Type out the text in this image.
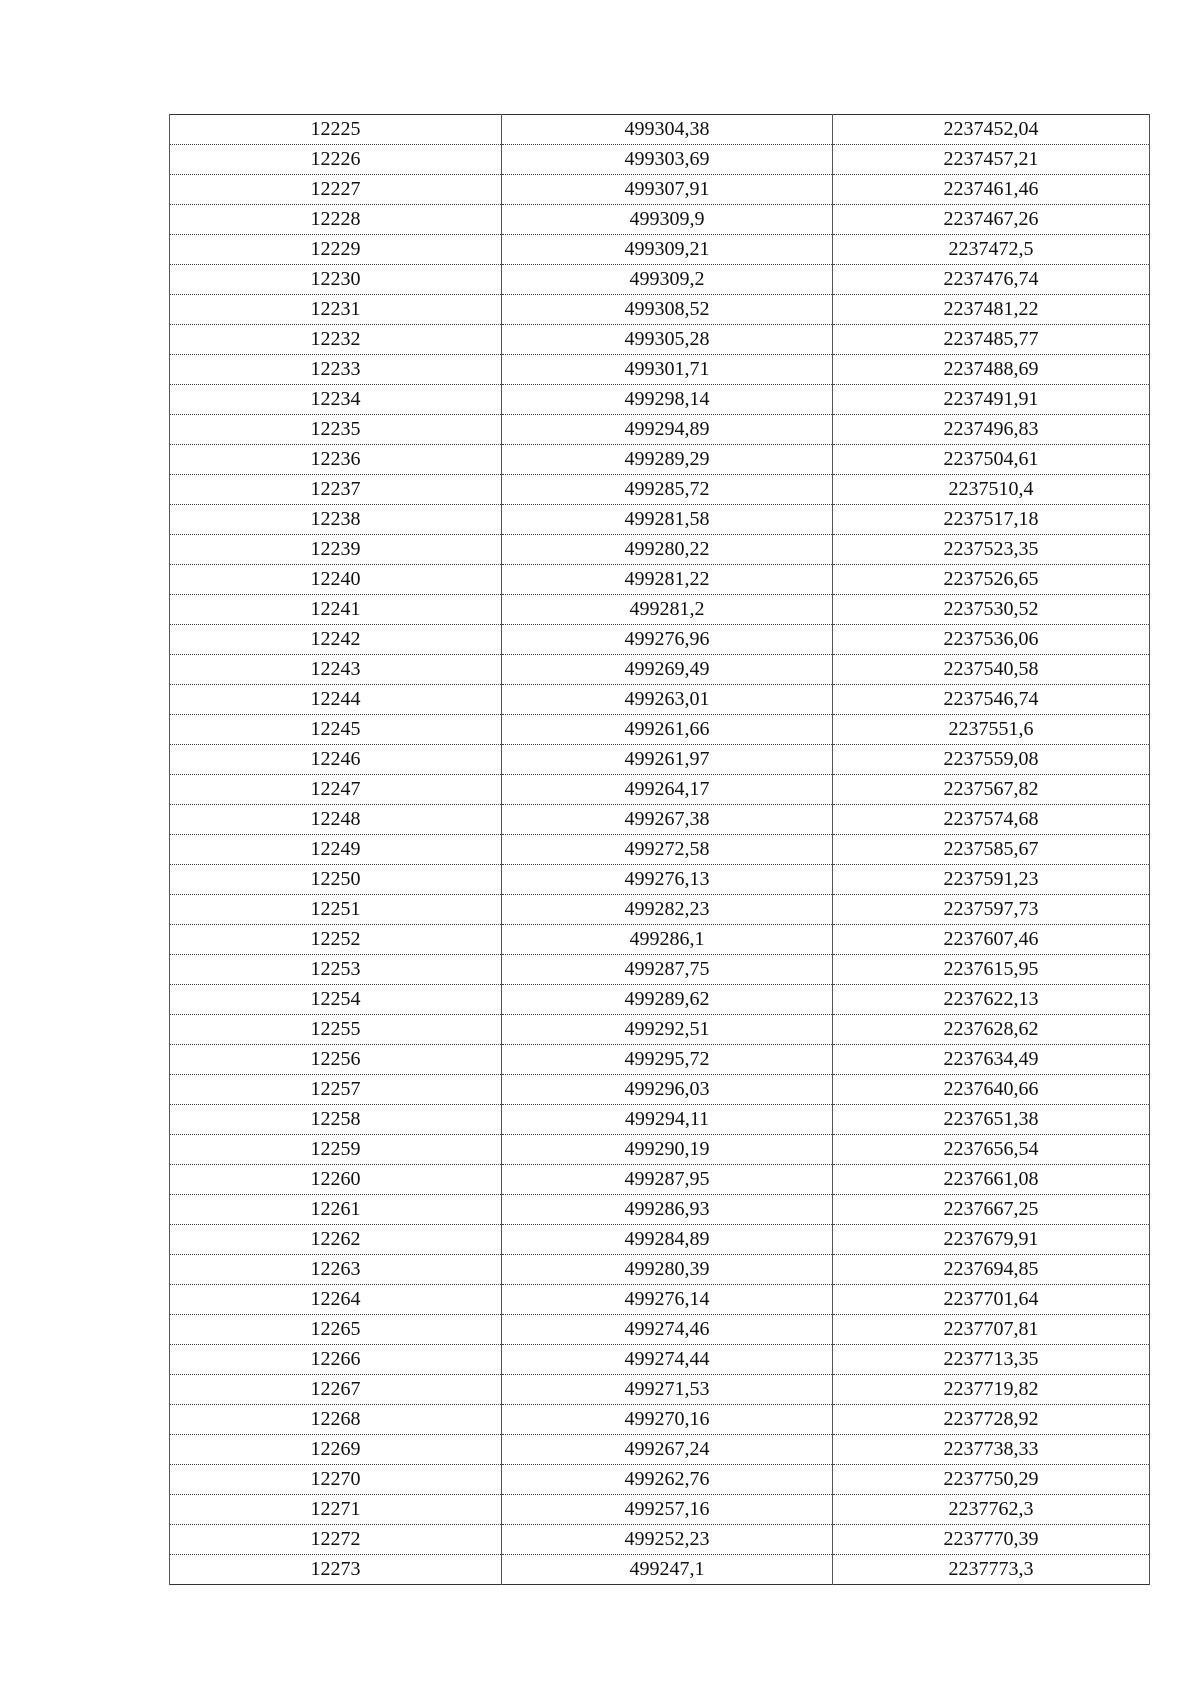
12225	499304,38	2237452,04
12226	499303,69	2237457,21
12227	499307,91	2237461,46
12228	499309,9	2237467,26
12229	499309,21	2237472,5
12230	499309,2	2237476,74
12231	499308,52	2237481,22
12232	499305,28	2237485,77
12233	499301,71	2237488,69
12234	499298,14	2237491,91
12235	499294,89	2237496,83
12236	499289,29	2237504,61
12237	499285,72	2237510,4
12238	499281,58	2237517,18
12239	499280,22	2237523,35
12240	499281,22	2237526,65
12241	499281,2	2237530,52
12242	499276,96	2237536,06
12243	499269,49	2237540,58
12244	499263,01	2237546,74
12245	499261,66	2237551,6
12246	499261,97	2237559,08
12247	499264,17	2237567,82
12248	499267,38	2237574,68
12249	499272,58	2237585,67
12250	499276,13	2237591,23
12251	499282,23	2237597,73
12252	499286,1	2237607,46
12253	499287,75	2237615,95
12254	499289,62	2237622,13
12255	499292,51	2237628,62
12256	499295,72	2237634,49
12257	499296,03	2237640,66
12258	499294,11	2237651,38
12259	499290,19	2237656,54
12260	499287,95	2237661,08
12261	499286,93	2237667,25
12262	499284,89	2237679,91
12263	499280,39	2237694,85
12264	499276,14	2237701,64
12265	499274,46	2237707,81
12266	499274,44	2237713,35
12267	499271,53	2237719,82
12268	499270,16	2237728,92
12269	499267,24	2237738,33
12270	499262,76	2237750,29
12271	499257,16	2237762,3
12272	499252,23	2237770,39
12273	499247,1	2237773,3
